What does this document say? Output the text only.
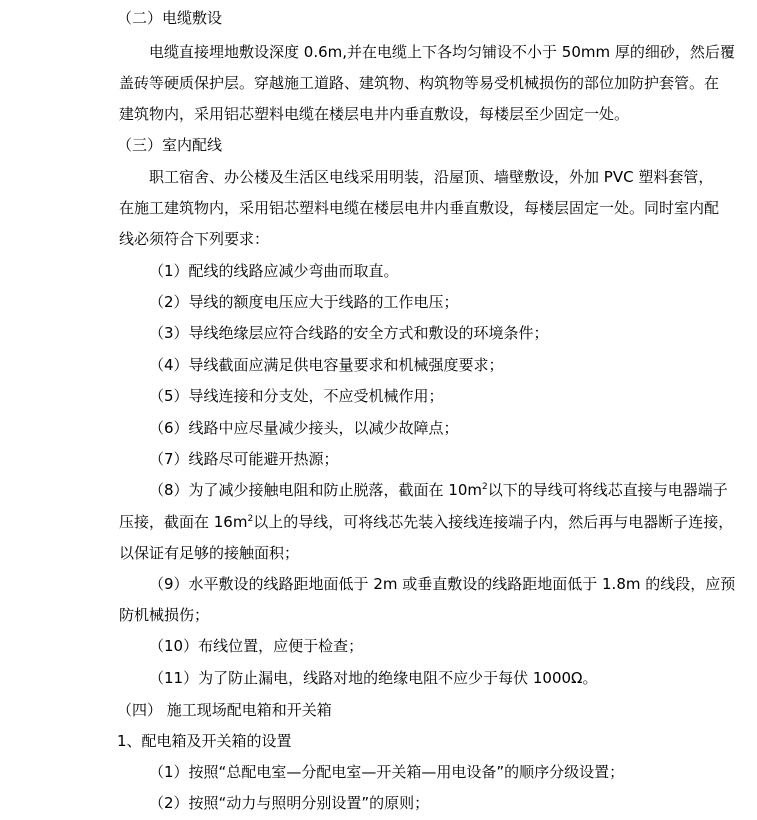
（二）电缆敷设
电缆直接埋地敷设深度 0.6m,并在电缆上下各均匀铺设不小于 50mm 厚的细砂，然后覆
盖砖等硬质保护层。穿越施工道路、建筑物、构筑物等易受机械损伤的部位加防护套管。在
建筑物内，采用铝芯塑料电缆在楼层电井内垂直敷设，每楼层至少固定一处。
（三）室内配线
职工宿舍、办公楼及生活区电线采用明装，沿屋顶、墙壁敷设，外加 PVC 塑料套管，
在施工建筑物内，采用铝芯塑料电缆在楼层电井内垂直敷设，每楼层固定一处。同时室内配
线必须符合下列要求：
（1）配线的线路应减少弯曲而取直。
（2）导线的额度电压应大于线路的工作电压；
（3）导线绝缘层应符合线路的安全方式和敷设的环境条件；
（4）导线截面应满足供电容量要求和机械强度要求；
（5）导线连接和分支处，不应受机械作用；
（6）线路中应尽量减少接头，以减少故障点；
（7）线路尽可能避开热源；
（8）为了减少接触电阻和防止脱落，截面在 $10m^2$以下的导线可将线芯直接与电器端子
压接，截面在 $16m^2$以上的导线，可将线芯先装入接线连接端子内，然后再与电器断子连接，
以保证有足够的接触面积；
（9）水平敷设的线路距地面低于 2m 或垂直敷设的线路距地面低于 1.8m 的线段，应预
防机械损伤；
（10）布线位置，应便于检查；
（11）为了防止漏电，线路对地的绝缘电阻不应少于每伏 1000Ω。
（四） 施工现场配电箱和开关箱
1、配电箱及开关箱的设置
（1）按照“总配电室—分配电室—开关箱—用电设备”的顺序分级设置；
（2）按照“动力与照明分别设置”的原则；
